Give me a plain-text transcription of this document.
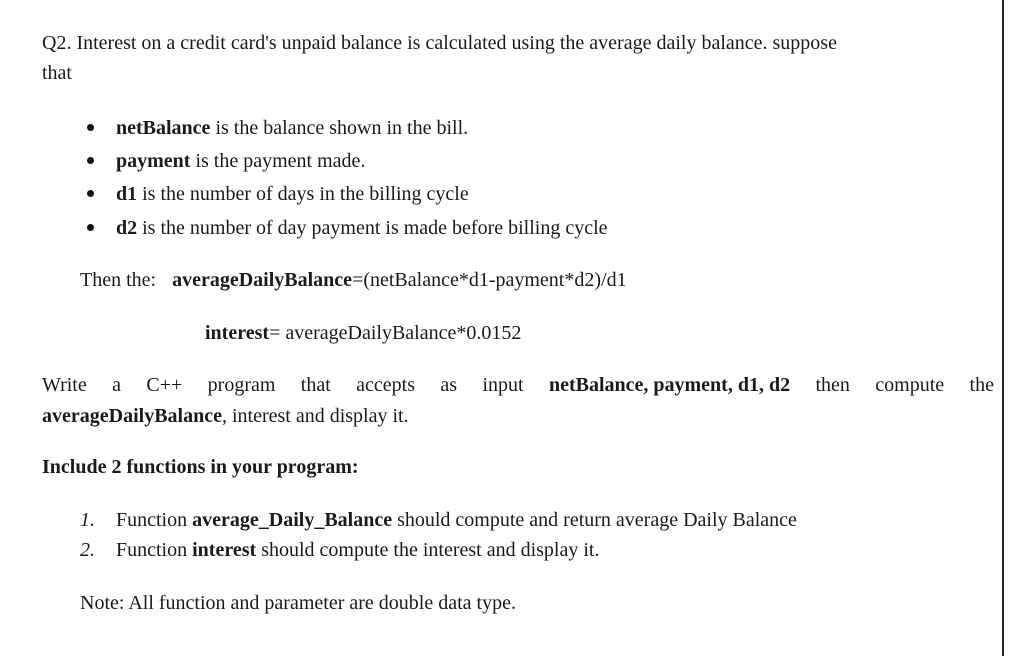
Q2. Interest on a credit card's unpaid balance is calculated using the average daily balance. suppose
that
netBalance is the balance shown in the bill.
payment is the payment made.
d1 is the number of days in the billing cycle
d2 is the number of day payment is made before billing cycle
Then the: averageDailyBalance=(netBalance*d1-payment*d2)/d1
interest= averageDailyBalance*0.0152
Write a C++ program that accepts as input netBalance, payment, d1, d2 then compute the
averageDailyBalance, interest and display it.
Include 2 functions in your program:
1. Function average_Daily_Balance should compute and return average Daily Balance
2. Function interest should compute the interest and display it.
Note: All function and parameter are double data type.
